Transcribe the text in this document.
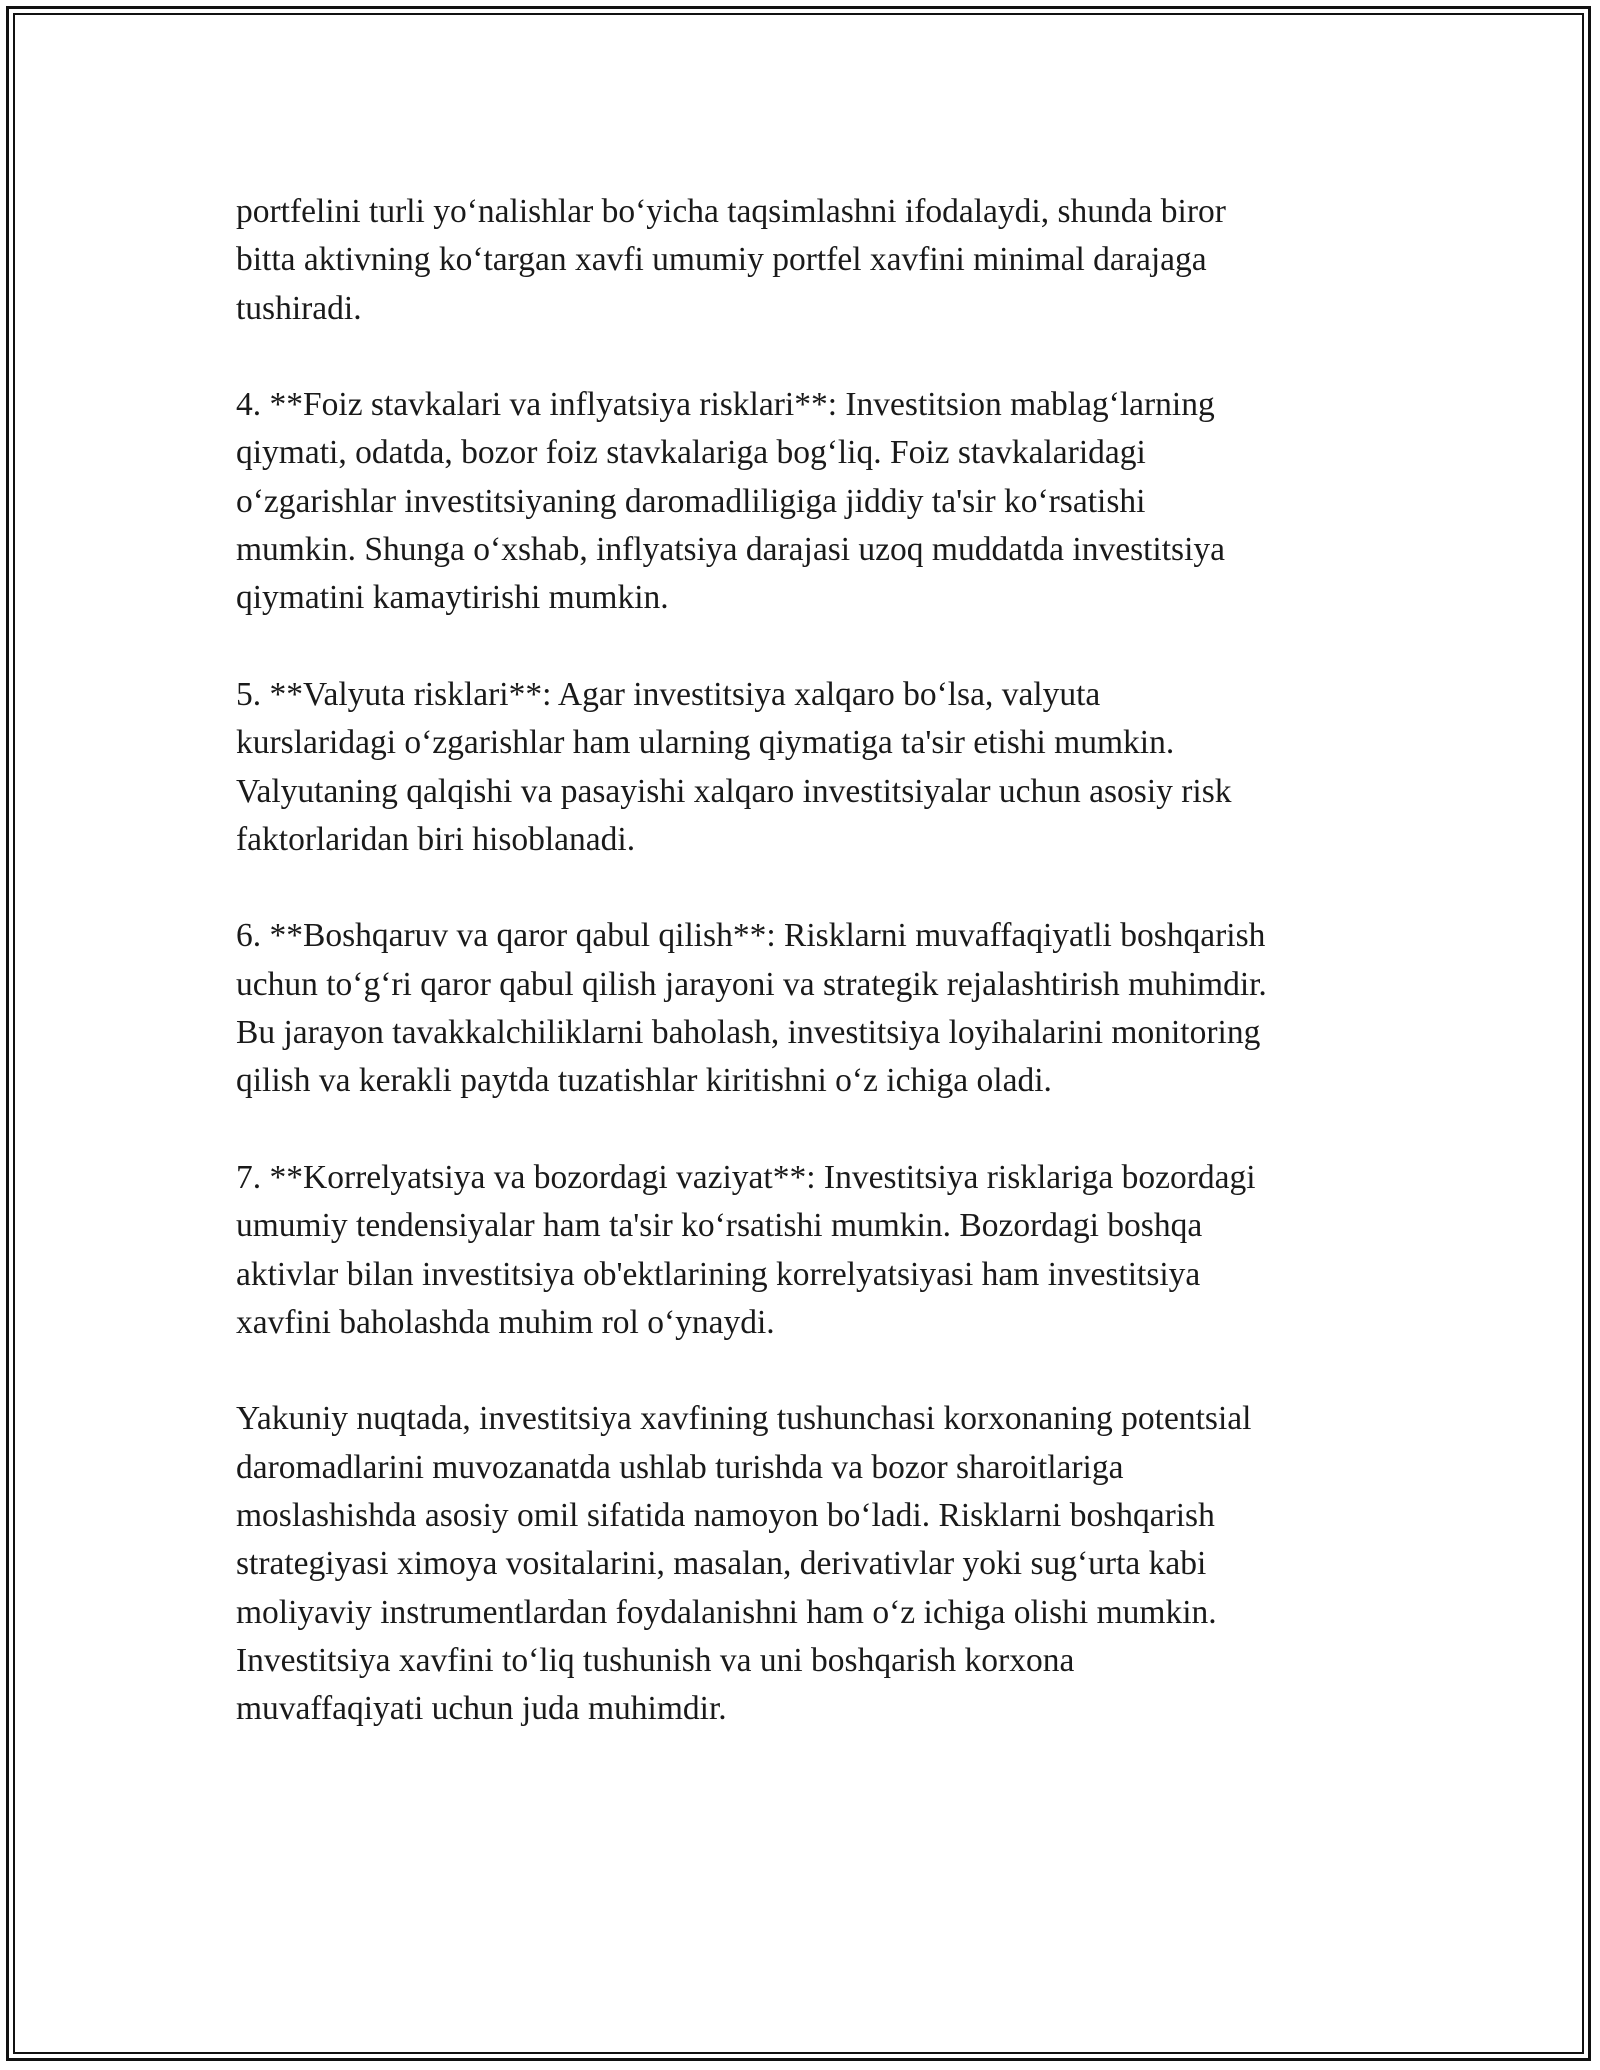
portfelini turli yo‘nalishlar bo‘yicha taqsimlashni ifodalaydi, shunda biror
bitta aktivning ko‘targan xavfi umumiy portfel xavfini minimal darajaga
tushiradi.

4. **Foiz stavkalari va inflyatsiya risklari**: Investitsion mablag‘larning
qiymati, odatda, bozor foiz stavkalariga bog‘liq. Foiz stavkalaridagi
o‘zgarishlar investitsiyaning daromadliligiga jiddiy ta'sir ko‘rsatishi
mumkin. Shunga o‘xshab, inflyatsiya darajasi uzoq muddatda investitsiya
qiymatini kamaytirishi mumkin.

5. **Valyuta risklari**: Agar investitsiya xalqaro bo‘lsa, valyuta
kurslaridagi o‘zgarishlar ham ularning qiymatiga ta'sir etishi mumkin.
Valyutaning qalqishi va pasayishi xalqaro investitsiyalar uchun asosiy risk
faktorlaridan biri hisoblanadi.

6. **Boshqaruv va qaror qabul qilish**: Risklarni muvaffaqiyatli boshqarish
uchun to‘g‘ri qaror qabul qilish jarayoni va strategik rejalashtirish muhimdir.
Bu jarayon tavakkalchiliklarni baholash, investitsiya loyihalarini monitoring
qilish va kerakli paytda tuzatishlar kiritishni o‘z ichiga oladi.

7. **Korrelyatsiya va bozordagi vaziyat**: Investitsiya risklariga bozordagi
umumiy tendensiyalar ham ta'sir ko‘rsatishi mumkin. Bozordagi boshqa
aktivlar bilan investitsiya ob'ektlarining korrelyatsiyasi ham investitsiya
xavfini baholashda muhim rol o‘ynaydi.

Yakuniy nuqtada, investitsiya xavfining tushunchasi korxonaning potentsial
daromadlarini muvozanatda ushlab turishda va bozor sharoitlariga
moslashishda asosiy omil sifatida namoyon bo‘ladi. Risklarni boshqarish
strategiyasi ximoya vositalarini, masalan, derivativlar yoki sug‘urta kabi
moliyaviy instrumentlardan foydalanishni ham o‘z ichiga olishi mumkin.
Investitsiya xavfini to‘liq tushunish va uni boshqarish korxona
muvaffaqiyati uchun juda muhimdir.
